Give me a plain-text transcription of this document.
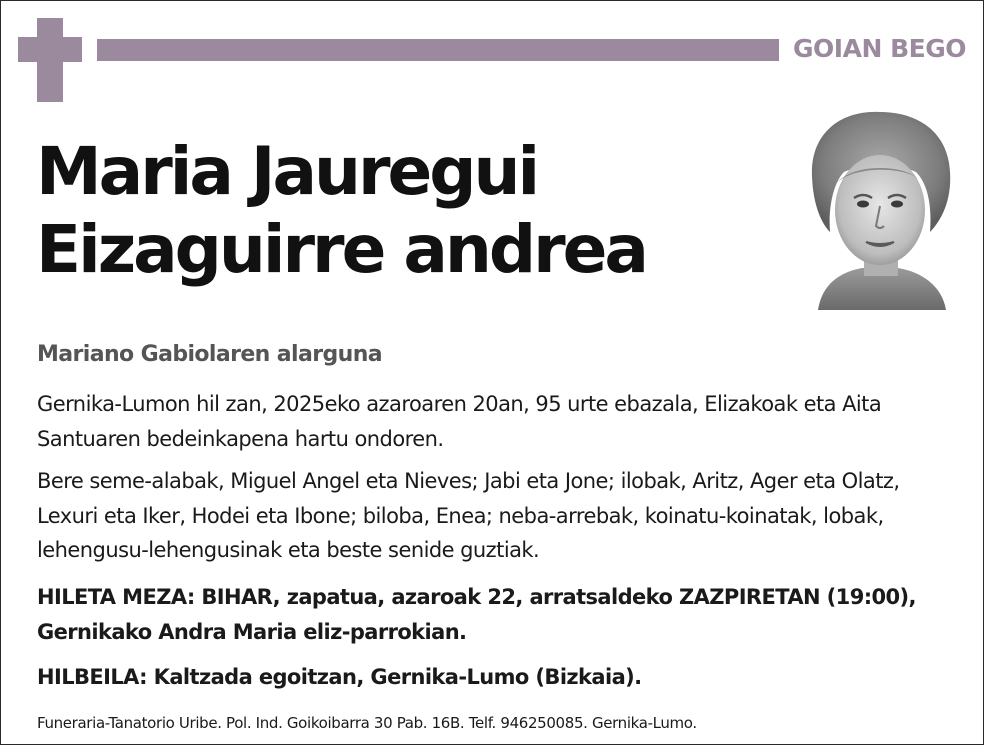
GOIAN BEGO
Maria Jauregui
Eizaguirre andrea
Mariano Gabiolaren alarguna

Gernika-Lumon hil zan, 2025eko azaroaren 20an, 95 urte ebazala, Elizakoak eta Aita Santuaren bedeinkapena hartu ondoren.

Bere seme-alabak, Miguel Angel eta Nieves; Jabi eta Jone; ilobak, Aritz, Ager eta Olatz, Lexuri eta Iker, Hodei eta Ibone; biloba, Enea; neba-arrebak, koinatu-koinatak, lobak, lehengusu-lehengusinak eta beste senide guztiak.

HILETA MEZA: BIHAR, zapatua, azaroak 22, arratsaldeko ZAZPIRETAN (19:00), Gernikako Andra Maria eliz-parrokian.

HILBEILA: Kaltzada egoitzan, Gernika-Lumo (Bizkaia).

Funeraria-Tanatorio Uribe. Pol. Ind. Goikoibarra 30 Pab. 16B. Telf. 946250085. Gernika-Lumo.
